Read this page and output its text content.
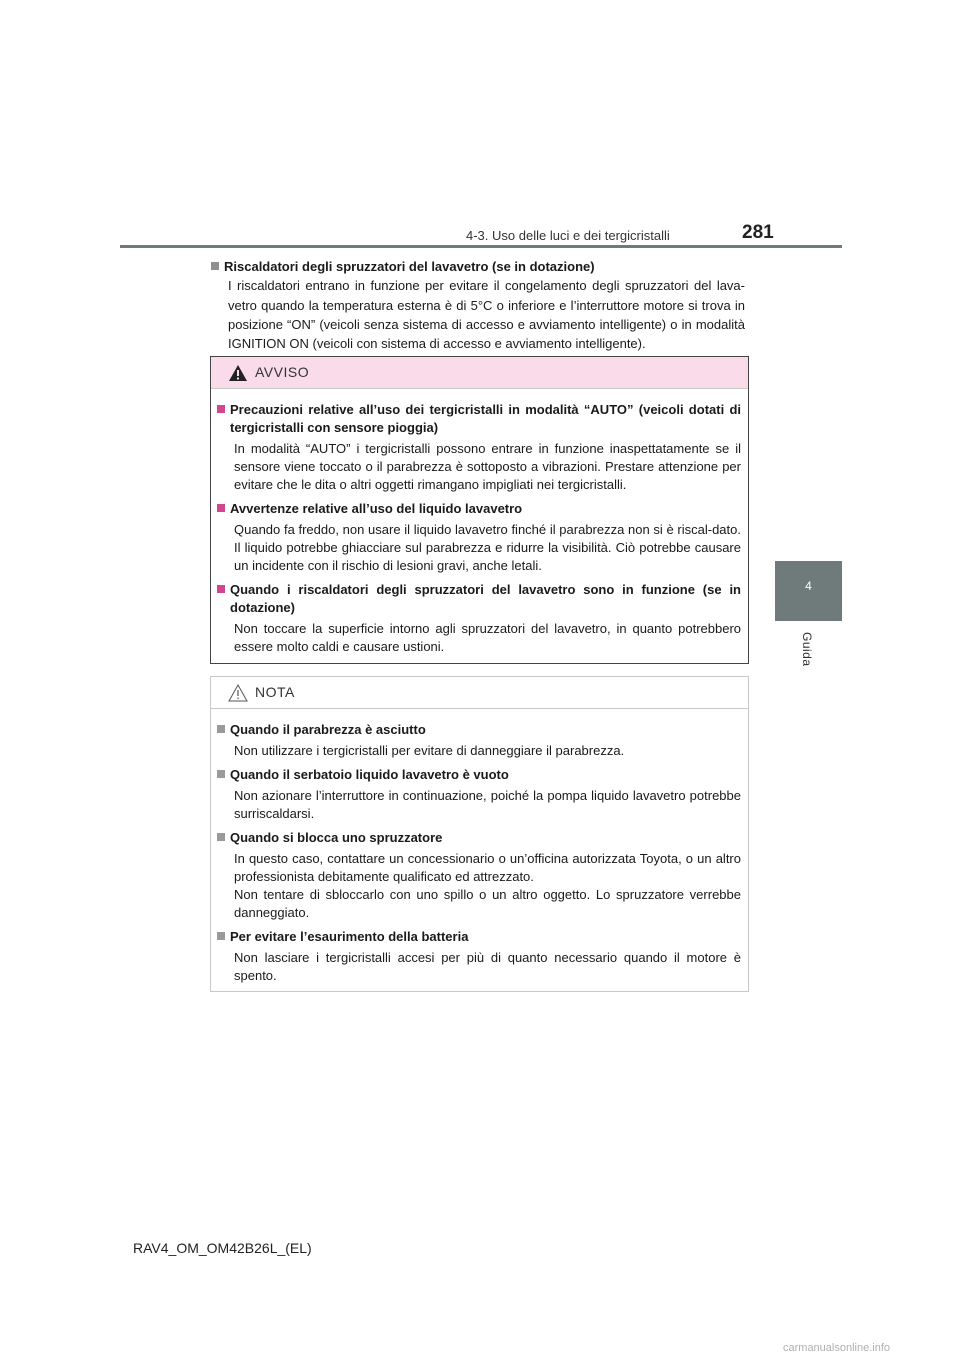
4-3. Uso delle luci e dei tergicristalli	281
4
Guida
Riscaldatori degli spruzzatori del lavavetro (se in dotazione)
I riscaldatori entrano in funzione per evitare il congelamento degli spruzzatori del lava-vetro quando la temperatura esterna è di 5°C o inferiore e l’interruttore motore si trova in posizione “ON” (veicoli senza sistema di accesso e avviamento intelligente) o in modalità IGNITION ON (veicoli con sistema di accesso e avviamento intelligente).
AVVISO
Precauzioni relative all’uso dei tergicristalli in modalità “AUTO” (veicoli dotati di tergicristalli con sensore pioggia)
In modalità “AUTO” i tergicristalli possono entrare in funzione inaspettatamente se il sensore viene toccato o il parabrezza è sottoposto a vibrazioni. Prestare attenzione per evitare che le dita o altri oggetti rimangano impigliati nei tergicristalli.
Avvertenze relative all’uso del liquido lavavetro
Quando fa freddo, non usare il liquido lavavetro finché il parabrezza non si è riscal-dato. Il liquido potrebbe ghiacciare sul parabrezza e ridurre la visibilità. Ciò potrebbe causare un incidente con il rischio di lesioni gravi, anche letali.
Quando i riscaldatori degli spruzzatori del lavavetro sono in funzione (se in dotazione)
Non toccare la superficie intorno agli spruzzatori del lavavetro, in quanto potrebbero essere molto caldi e causare ustioni.
NOTA
Quando il parabrezza è asciutto
Non utilizzare i tergicristalli per evitare di danneggiare il parabrezza.
Quando il serbatoio liquido lavavetro è vuoto
Non azionare l’interruttore in continuazione, poiché la pompa liquido lavavetro potrebbe surriscaldarsi.
Quando si blocca uno spruzzatore
In questo caso, contattare un concessionario o un’officina autorizzata Toyota, o un altro professionista debitamente qualificato ed attrezzato.
Non tentare di sbloccarlo con uno spillo o un altro oggetto. Lo spruzzatore verrebbe danneggiato.
Per evitare l’esaurimento della batteria
Non lasciare i tergicristalli accesi per più di quanto necessario quando il motore è spento.
RAV4_OM_OM42B26L_(EL)
carmanualsonline.info
